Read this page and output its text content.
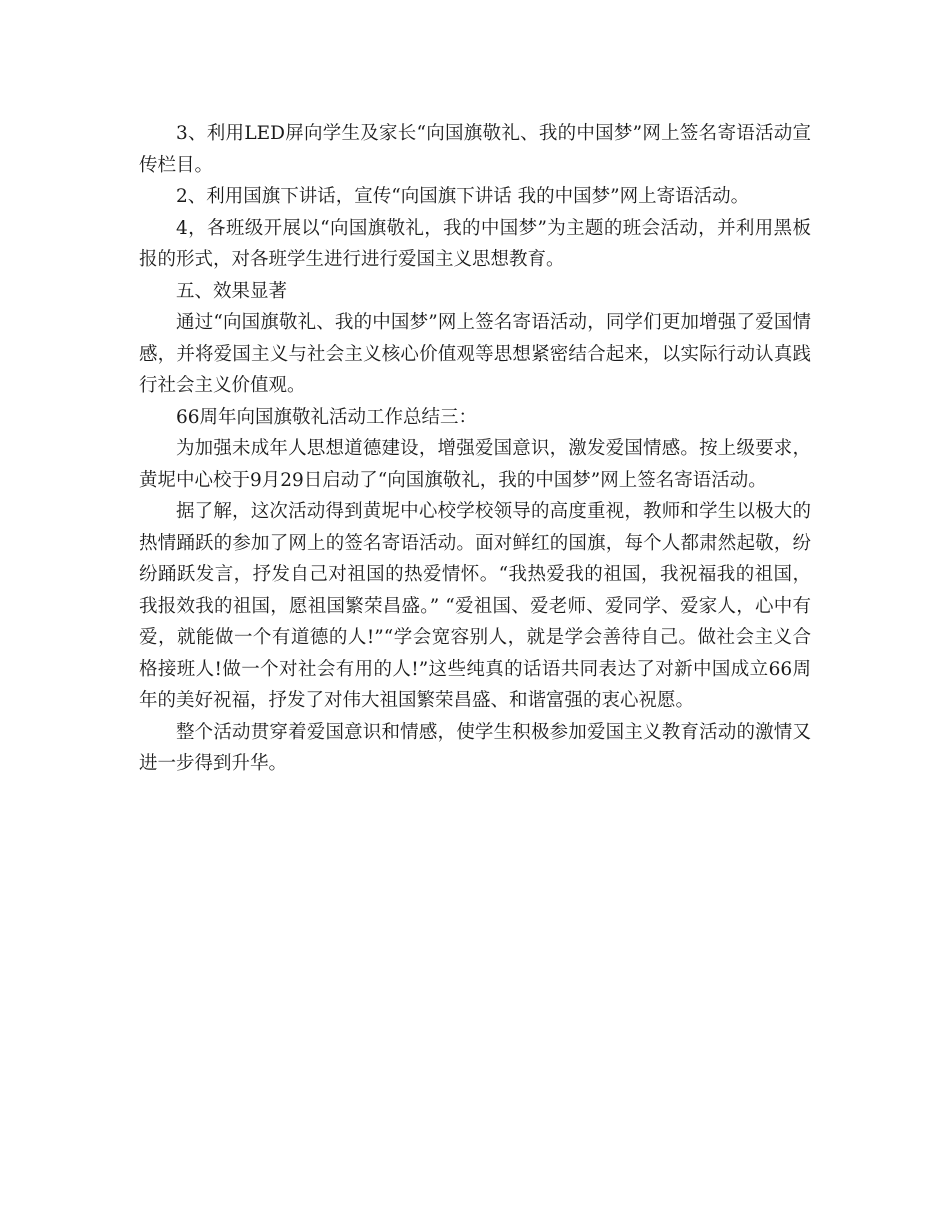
3、利用LED屏向学生及家长“向国旗敬礼、我的中国梦”网上签名寄语活动宣传栏目。

2、利用国旗下讲话，宣传“向国旗下讲话 我的中国梦”网上寄语活动。

4，各班级开展以“向国旗敬礼，我的中国梦”为主题的班会活动，并利用黑板报的形式，对各班学生进行进行爱国主义思想教育。

五、效果显著

通过“向国旗敬礼、我的中国梦”网上签名寄语活动，同学们更加增强了爱国情感，并将爱国主义与社会主义核心价值观等思想紧密结合起来，以实际行动认真践行社会主义价值观。

66周年向国旗敬礼活动工作总结三：

为加强未成年人思想道德建设，增强爱国意识，激发爱国情感。按上级要求，黄坭中心校于9月29日启动了“向国旗敬礼，我的中国梦”网上签名寄语活动。

据了解，这次活动得到黄坭中心校学校领导的高度重视，教师和学生以极大的热情踊跃的参加了网上的签名寄语活动。面对鲜红的国旗，每个人都肃然起敬，纷纷踊跃发言，抒发自己对祖国的热爱情怀。“我热爱我的祖国，我祝福我的祖国，我报效我的祖国，愿祖国繁荣昌盛。” “爱祖国、爱老师、爱同学、爱家人，心中有爱，就能做一个有道德的人!”“学会宽容别人，就是学会善待自己。做社会主义合格接班人!做一个对社会有用的人!”这些纯真的话语共同表达了对新中国成立66周年的美好祝福，抒发了对伟大祖国繁荣昌盛、和谐富强的衷心祝愿。

整个活动贯穿着爱国意识和情感，使学生积极参加爱国主义教育活动的激情又进一步得到升华。
